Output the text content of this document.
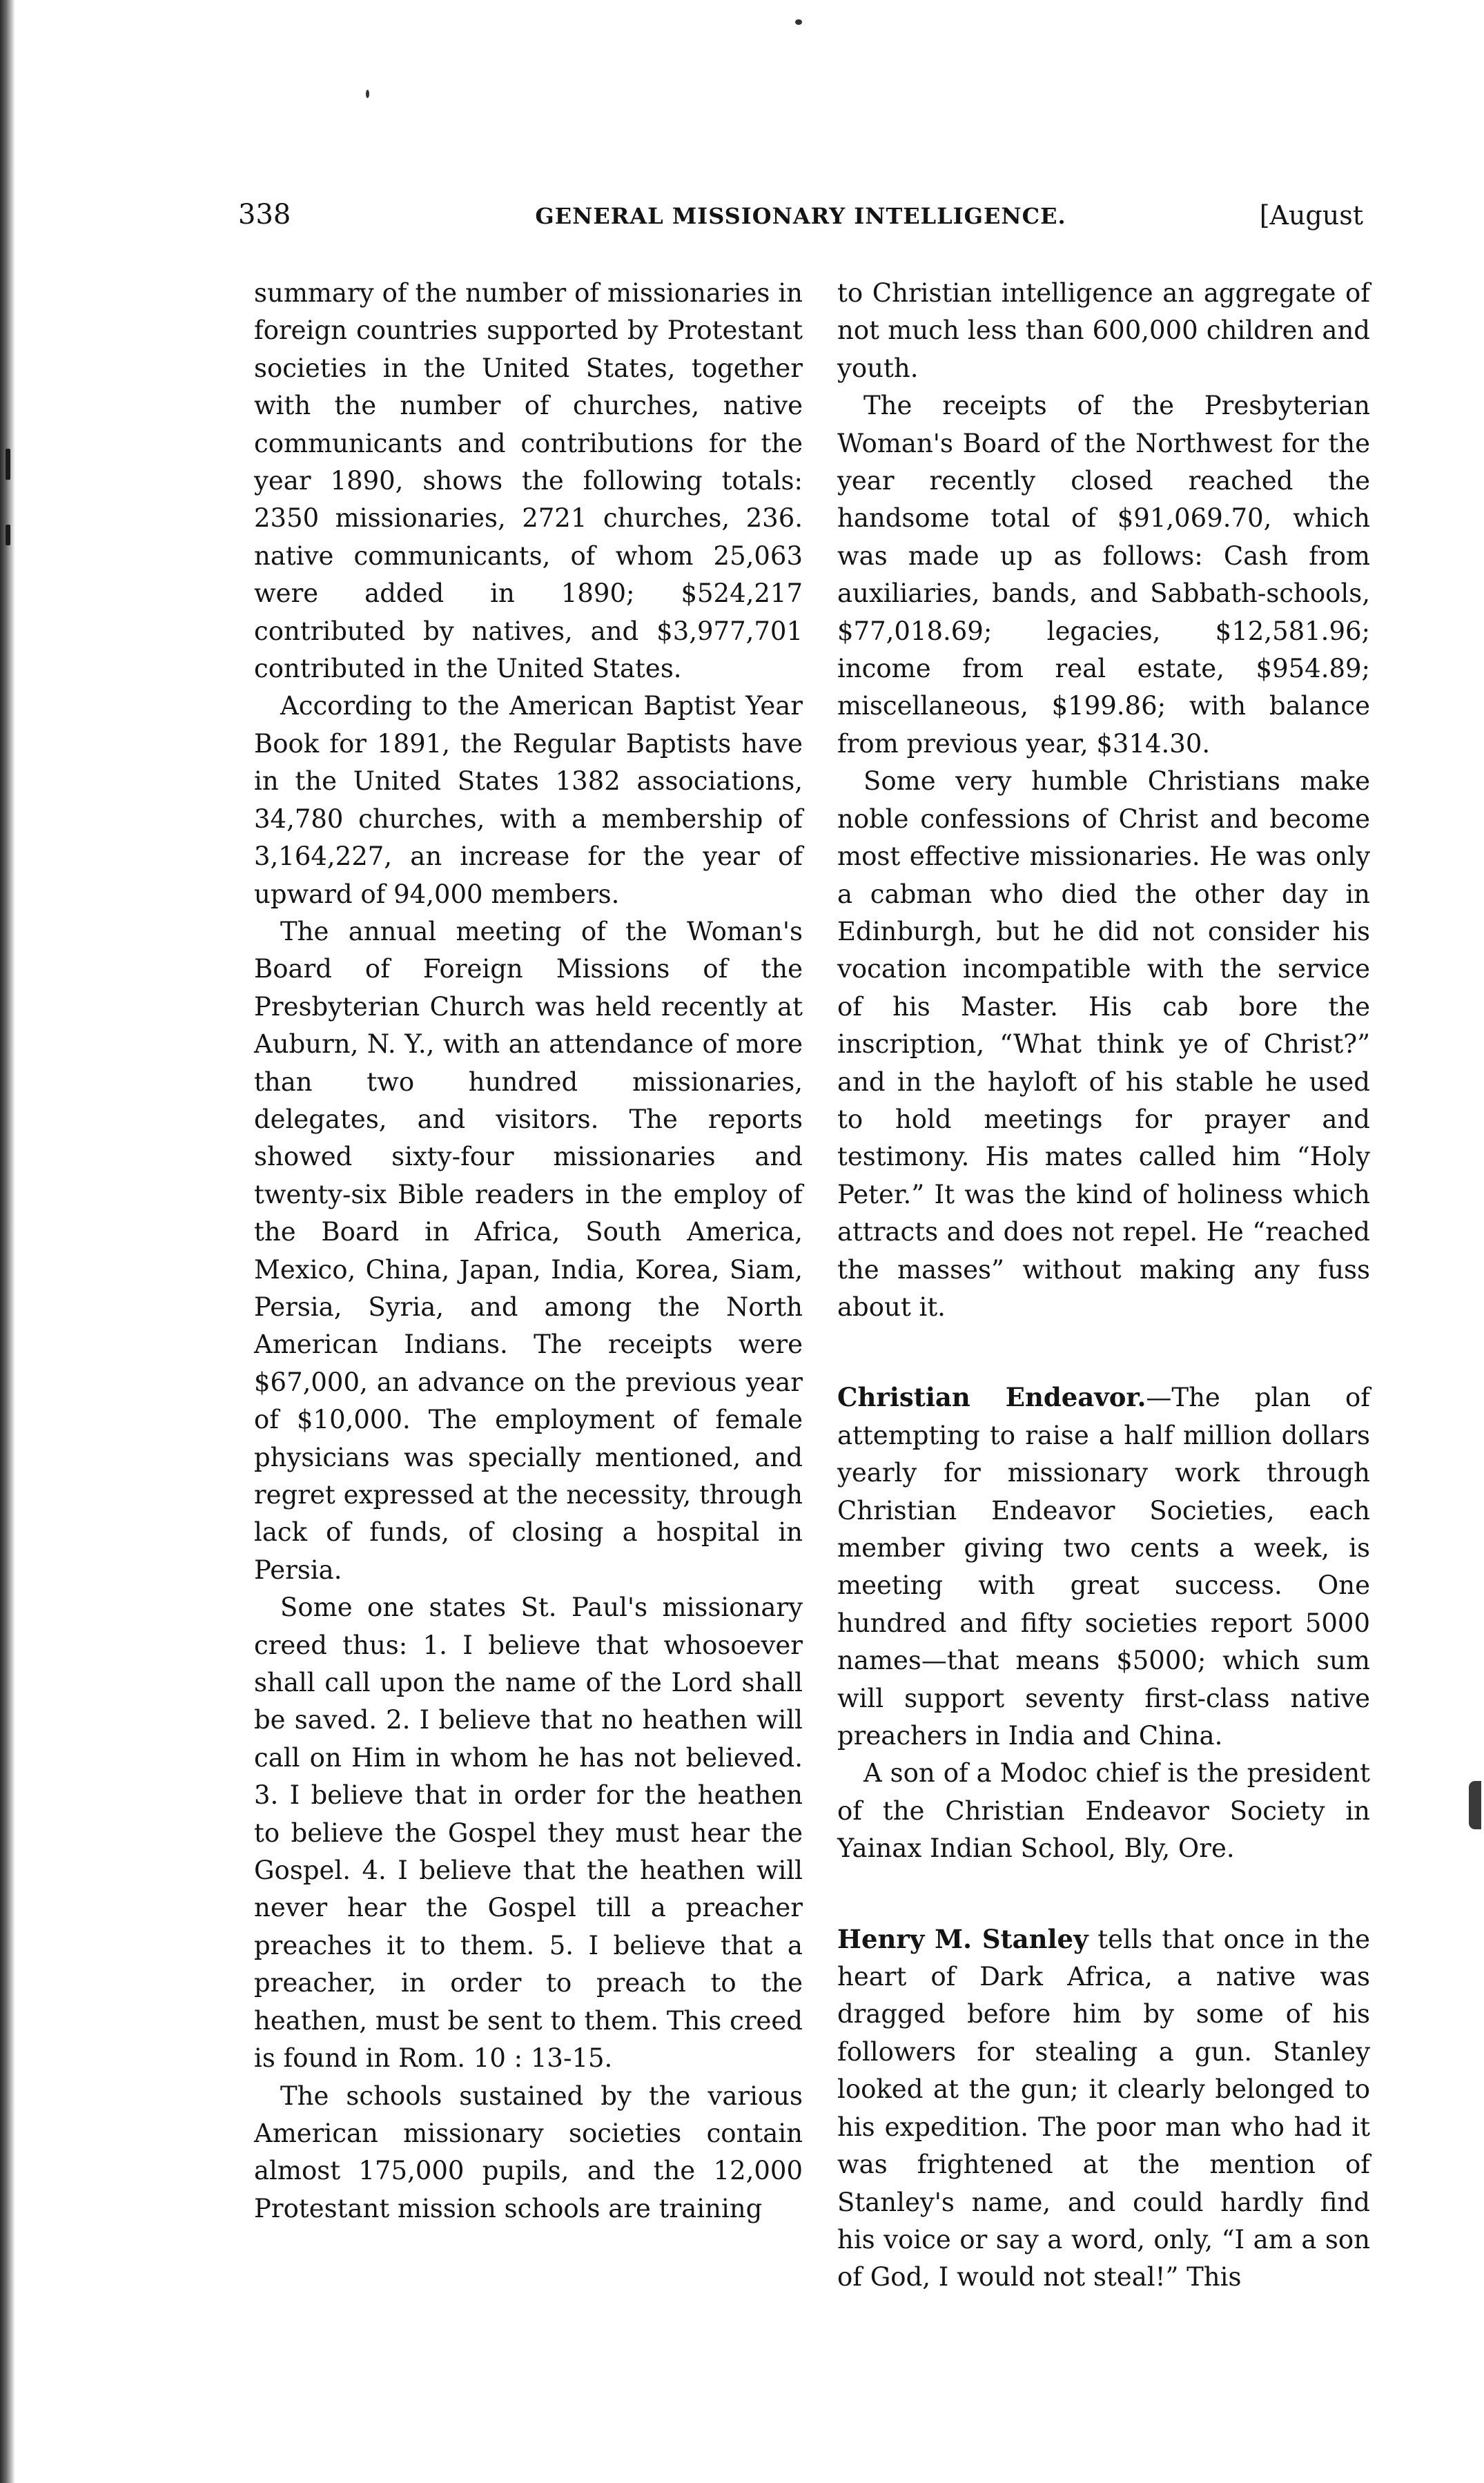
338	GENERAL MISSIONARY INTELLIGENCE.	[August

summary of the number of missionaries in foreign countries supported by Protestant societies in the United States, together with the number of churches, native communicants and contributions for the year 1890, shows the following totals: 2350 missionaries, 2721 churches, 236. native communicants, of whom 25,063 were added in 1890; $524,217 contributed by natives, and $3,977,701 contributed in the United States.

According to the American Baptist Year Book for 1891, the Regular Baptists have in the United States 1382 associations, 34,780 churches, with a membership of 3,164,227, an increase for the year of upward of 94,000 members.

The annual meeting of the Woman's Board of Foreign Missions of the Presbyterian Church was held recently at Auburn, N. Y., with an attendance of more than two hundred missionaries, delegates, and visitors. The reports showed sixty-four missionaries and twenty-six Bible readers in the employ of the Board in Africa, South America, Mexico, China, Japan, India, Korea, Siam, Persia, Syria, and among the North American Indians. The receipts were $67,000, an advance on the previous year of $10,000. The employment of female physicians was specially mentioned, and regret expressed at the necessity, through lack of funds, of closing a hospital in Persia.

Some one states St. Paul's missionary creed thus: 1. I believe that whosoever shall call upon the name of the Lord shall be saved. 2. I believe that no heathen will call on Him in whom he has not believed. 3. I believe that in order for the heathen to believe the Gospel they must hear the Gospel. 4. I believe that the heathen will never hear the Gospel till a preacher preaches it to them. 5. I believe that a preacher, in order to preach to the heathen, must be sent to them. This creed is found in Rom. 10 : 13-15.

The schools sustained by the various American missionary societies contain almost 175,000 pupils, and the 12,000 Protestant mission schools are training

to Christian intelligence an aggregate of not much less than 600,000 children and youth.

The receipts of the Presbyterian Woman's Board of the Northwest for the year recently closed reached the handsome total of $91,069.70, which was made up as follows: Cash from auxiliaries, bands, and Sabbath-schools, $77,018.69; legacies, $12,581.96; income from real estate, $954.89; miscellaneous, $199.86; with balance from previous year, $314.30.

Some very humble Christians make noble confessions of Christ and become most effective missionaries. He was only a cabman who died the other day in Edinburgh, but he did not consider his vocation incompatible with the service of his Master. His cab bore the inscription, “What think ye of Christ?” and in the hayloft of his stable he used to hold meetings for prayer and testimony. His mates called him “Holy Peter.” It was the kind of holiness which attracts and does not repel. He “reached the masses” without making any fuss about it.

Christian Endeavor.—The plan of attempting to raise a half million dollars yearly for missionary work through Christian Endeavor Societies, each member giving two cents a week, is meeting with great success. One hundred and fifty societies report 5000 names—that means $5000; which sum will support seventy first-class native preachers in India and China.

A son of a Modoc chief is the president of the Christian Endeavor Society in Yainax Indian School, Bly, Ore.

Henry M. Stanley tells that once in the heart of Dark Africa, a native was dragged before him by some of his followers for stealing a gun. Stanley looked at the gun; it clearly belonged to his expedition. The poor man who had it was frightened at the mention of Stanley's name, and could hardly find his voice or say a word, only, “I am a son of God, I would not steal!” This
